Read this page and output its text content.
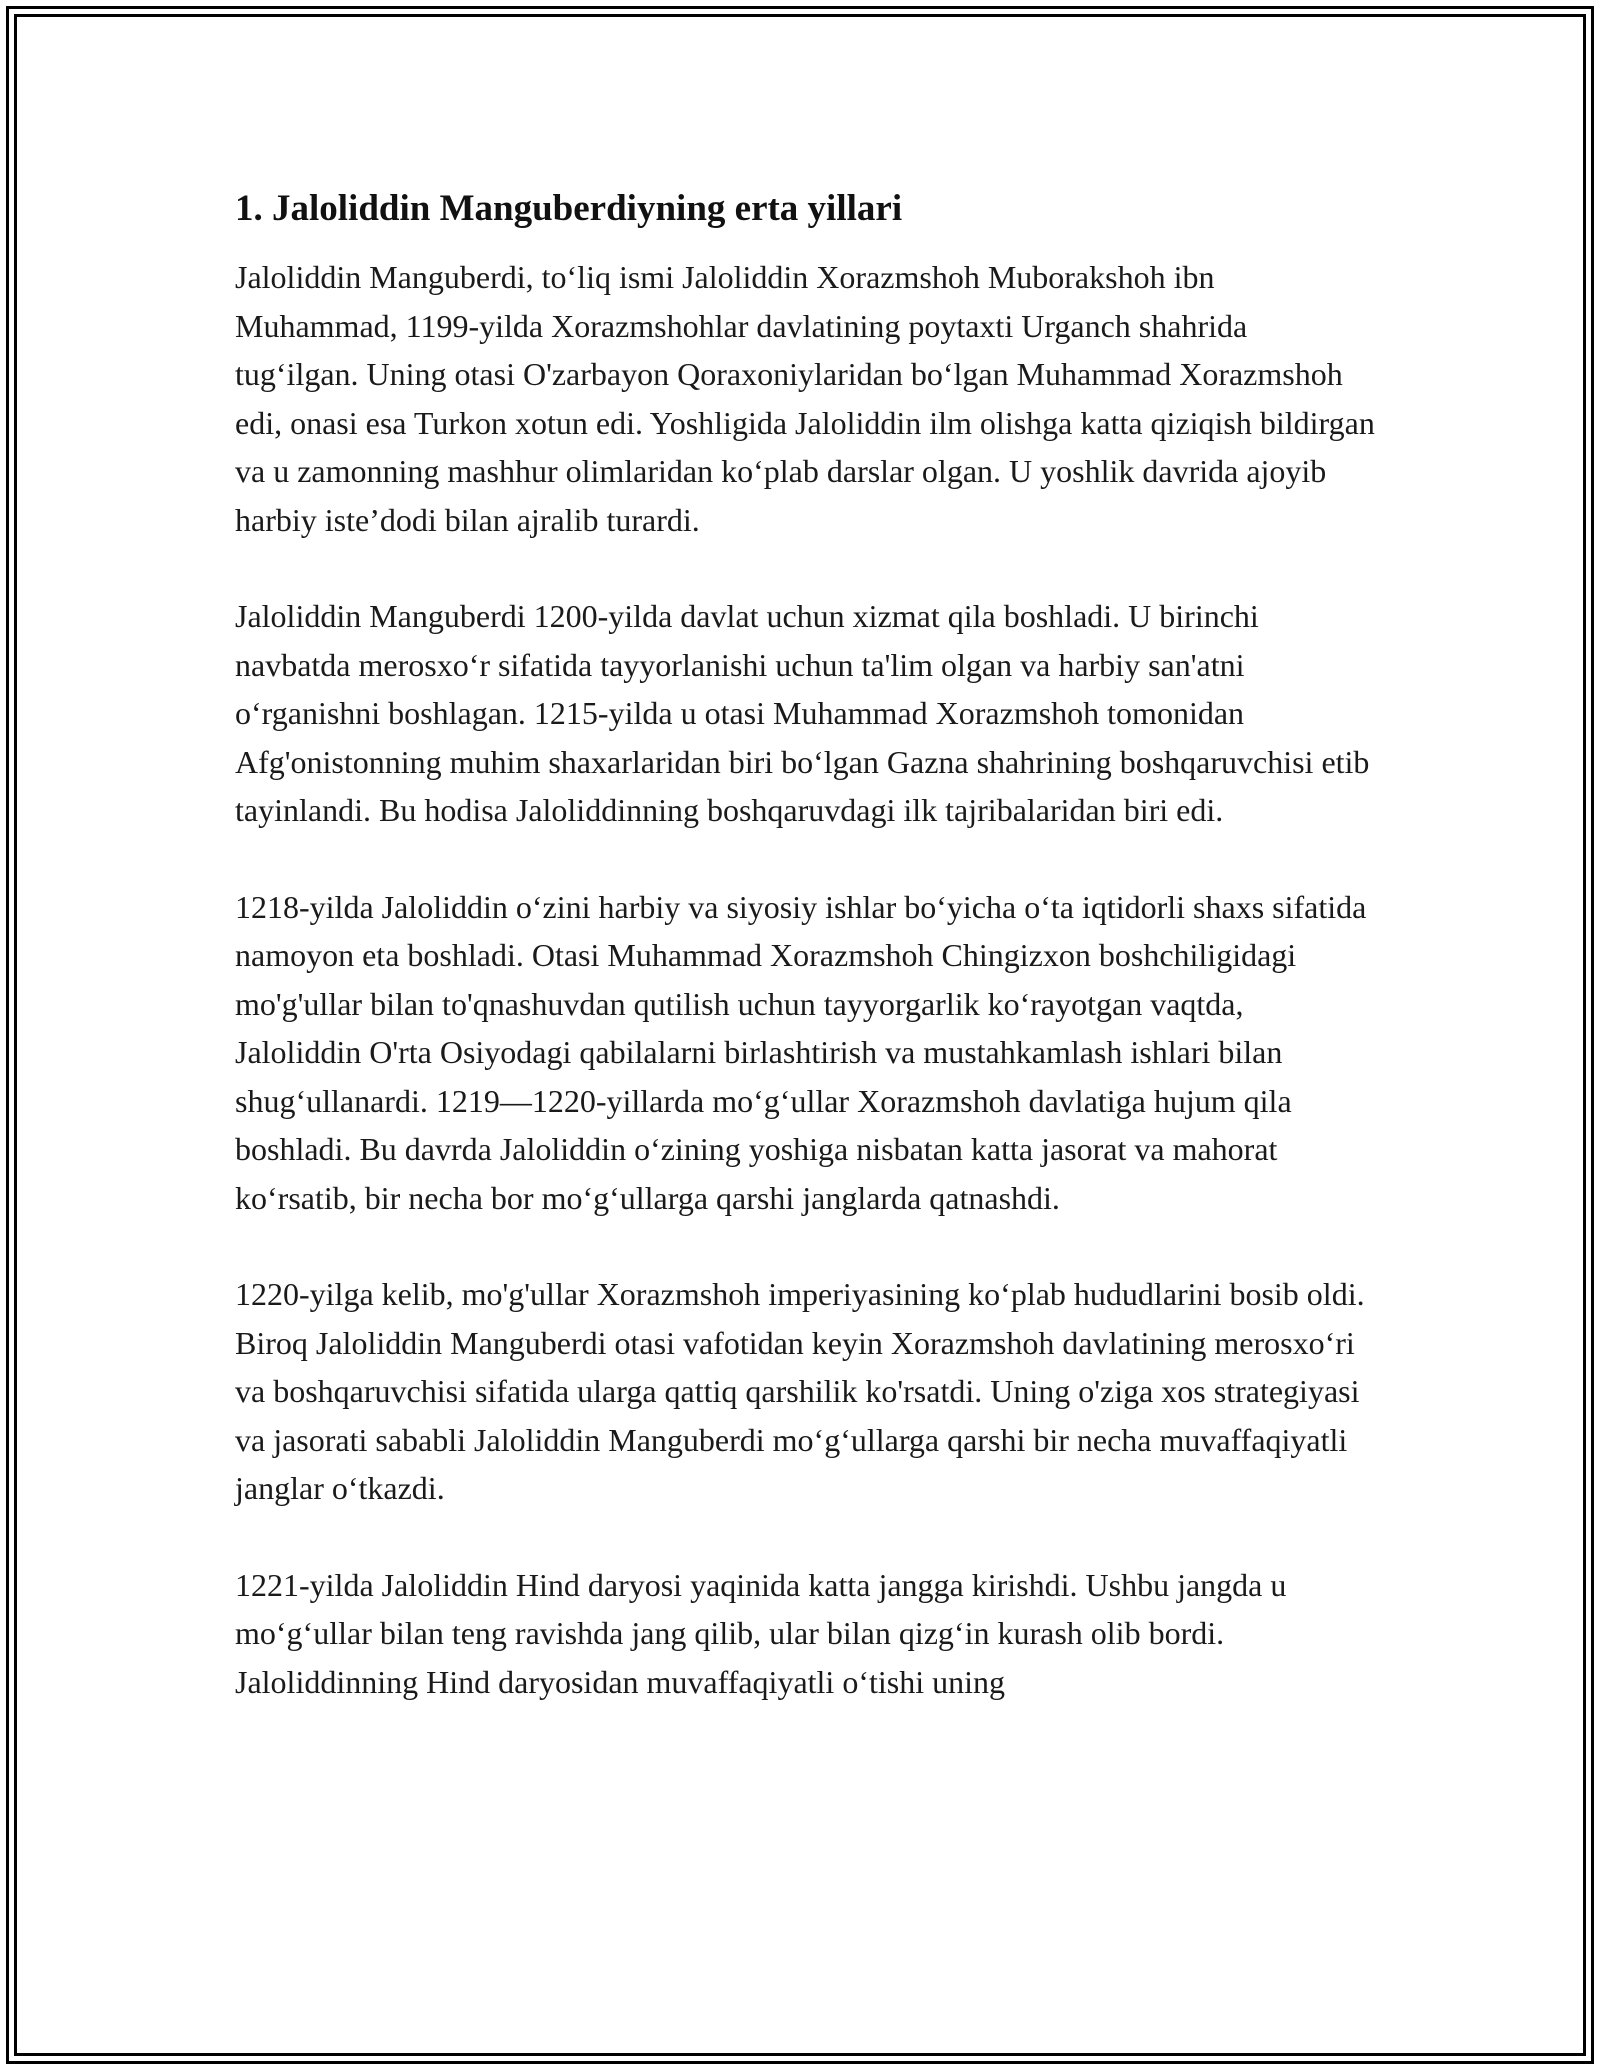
1. Jaloliddin Manguberdiyning erta yillari

Jaloliddin Manguberdi, to‘liq ismi Jaloliddin Xorazmshoh Muborakshoh ibn Muhammad, 1199-yilda Xorazmshohlar davlatining poytaxti Urganch shahrida tug‘ilgan. Uning otasi O'zarbayon Qoraxoniylaridan bo‘lgan Muhammad Xorazmshoh edi, onasi esa Turkon xotun edi. Yoshligida Jaloliddin ilm olishga katta qiziqish bildirgan va u zamonning mashhur olimlaridan ko‘plab darslar olgan. U yoshlik davrida ajoyib harbiy iste’dodi bilan ajralib turardi.

Jaloliddin Manguberdi 1200-yilda davlat uchun xizmat qila boshladi. U birinchi navbatda merosxo‘r sifatida tayyorlanishi uchun ta'lim olgan va harbiy san'atni o‘rganishni boshlagan. 1215-yilda u otasi Muhammad Xorazmshoh tomonidan Afg'onistonning muhim shaxarlaridan biri bo‘lgan Gazna shahrining boshqaruvchisi etib tayinlandi. Bu hodisa Jaloliddinning boshqaruvdagi ilk tajribalaridan biri edi.

1218-yilda Jaloliddin o‘zini harbiy va siyosiy ishlar bo‘yicha o‘ta iqtidorli shaxs sifatida namoyon eta boshladi. Otasi Muhammad Xorazmshoh Chingizxon boshchiligidagi mo'g'ullar bilan to'qnashuvdan qutilish uchun tayyorgarlik ko‘rayotgan vaqtda, Jaloliddin O'rta Osiyodagi qabilalarni birlashtirish va mustahkamlash ishlari bilan shug‘ullanardi. 1219—1220-yillarda mo‘g‘ullar Xorazmshoh davlatiga hujum qila boshladi. Bu davrda Jaloliddin o‘zining yoshiga nisbatan katta jasorat va mahorat ko‘rsatib, bir necha bor mo‘g‘ullarga qarshi janglarda qatnashdi.

1220-yilga kelib, mo'g'ullar Xorazmshoh imperiyasining ko‘plab hududlarini bosib oldi. Biroq Jaloliddin Manguberdi otasi vafotidan keyin Xorazmshoh davlatining merosxo‘ri va boshqaruvchisi sifatida ularga qattiq qarshilik ko'rsatdi. Uning o'ziga xos strategiyasi va jasorati sababli Jaloliddin Manguberdi mo‘g‘ullarga qarshi bir necha muvaffaqiyatli janglar o‘tkazdi.

1221-yilda Jaloliddin Hind daryosi yaqinida katta jangga kirishdi. Ushbu jangda u mo‘g‘ullar bilan teng ravishda jang qilib, ular bilan qizg‘in kurash olib bordi. Jaloliddinning Hind daryosidan muvaffaqiyatli o‘tishi uning
